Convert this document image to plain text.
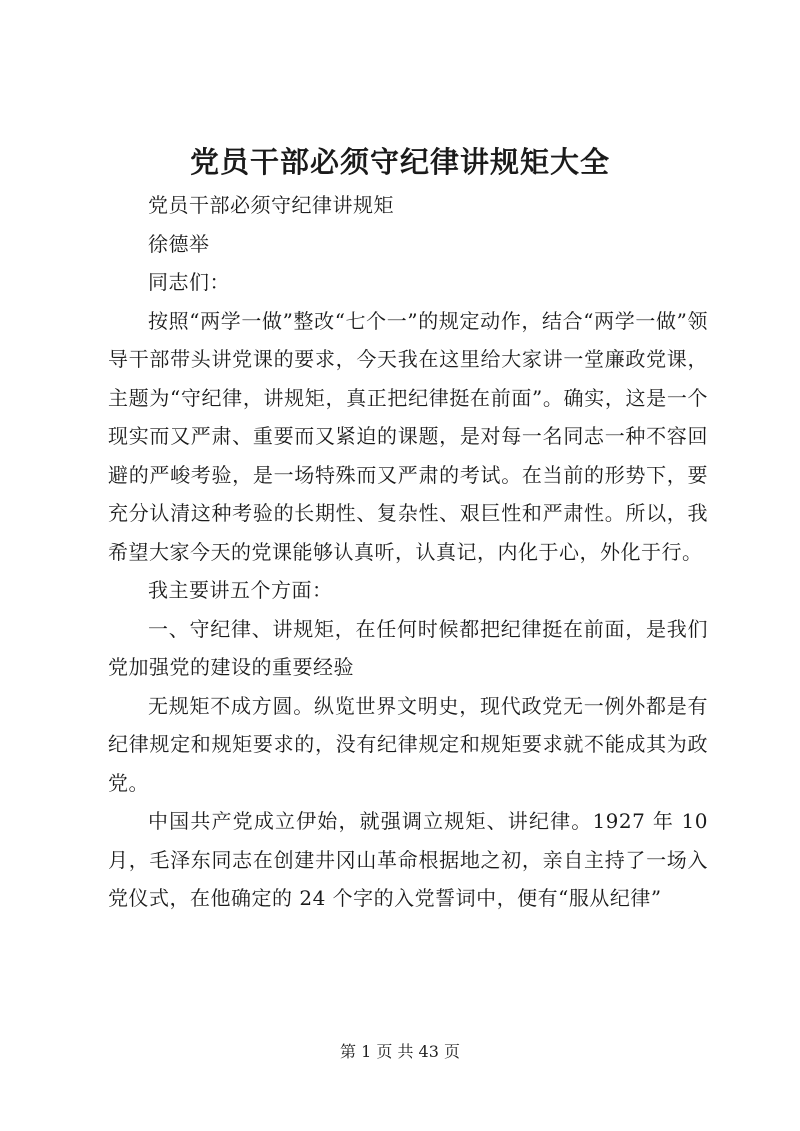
党员干部必须守纪律讲规矩大全

党员干部必须守纪律讲规矩

徐德举

同志们：

按照“两学一做”整改“七个一”的规定动作，结合“两学一做”领导干部带头讲党课的要求，今天我在这里给大家讲一堂廉政党课，主题为“守纪律，讲规矩，真正把纪律挺在前面”。确实，这是一个现实而又严肃、重要而又紧迫的课题，是对每一名同志一种不容回避的严峻考验，是一场特殊而又严肃的考试。在当前的形势下，要充分认清这种考验的长期性、复杂性、艰巨性和严肃性。所以，我希望大家今天的党课能够认真听，认真记，内化于心，外化于行。

我主要讲五个方面：

一、守纪律、讲规矩，在任何时候都把纪律挺在前面，是我们党加强党的建设的重要经验

无规矩不成方圆。纵览世界文明史，现代政党无一例外都是有纪律规定和规矩要求的，没有纪律规定和规矩要求就不能成其为政党。

中国共产党成立伊始，就强调立规矩、讲纪律。1927 年 10 月，毛泽东同志在创建井冈山革命根据地之初，亲自主持了一场入党仪式，在他确定的 24 个字的入党誓词中，便有“服从纪律”

第 1 页 共 43 页
